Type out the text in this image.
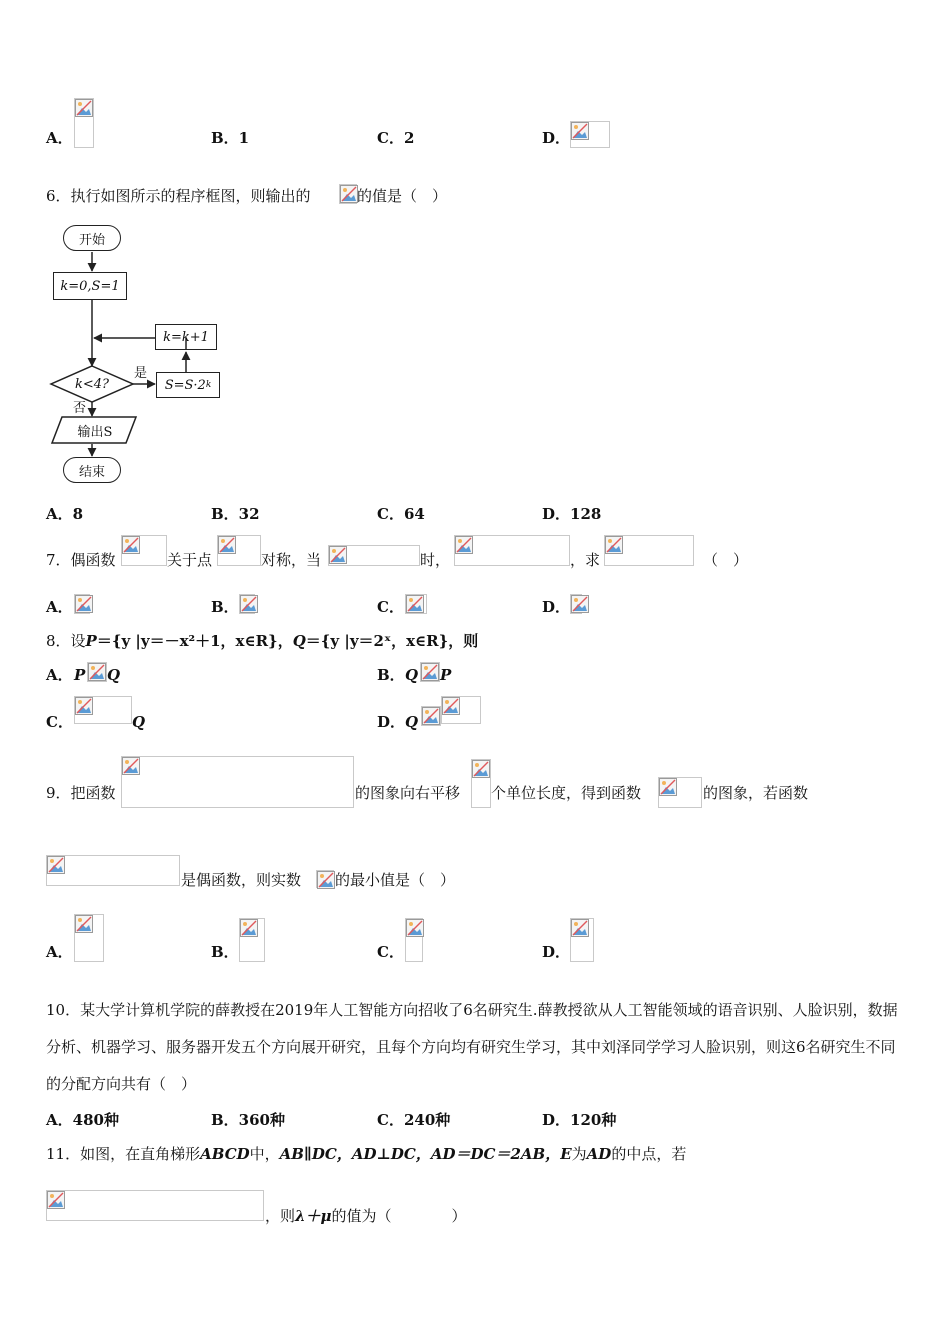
A．	B．1	C．2	D．
6．执行如图所示的程序框图，则输出的	的值是（　）
开始
k=0,S=1
k=k+1
k<4?
是
否
S=S·2 k
输出S
结束
A．8	B．32	C．64	D．128
7．偶函数	关于点	对称，当	时，	，求	（　）
A．	B．	C．	D．
8．设P＝{y |y＝－x²＋1，x∈R}，Q＝{y |y＝2ˣ，x∈R}，则
A． P Q	B． Q P
C．	Q	D． Q
9．把函数	的图象向右平移 个单位长度，得到函数	的图象，若函数
是偶函数，则实数 的最小值是（　）
A．	B．	C．	D．
10．某大学计算机学院的薛教授在2019年人工智能方向招收了6名研究生.薛教授欲从人工智能领域的语音识别、人脸识别，数据分析、机器学习、服务器开发五个方向展开研究，且每个方向均有研究生学习，其中刘泽同学学习人脸识别，则这6名研究生不同的分配方向共有（　）
A．480种	B．360种	C．240种	D．120种
11．如图，在直角梯形ABCD中，AB∥DC，AD⊥DC，AD＝DC＝2AB，E为AD的中点，若
，则λ＋μ的值为（　　　　）
